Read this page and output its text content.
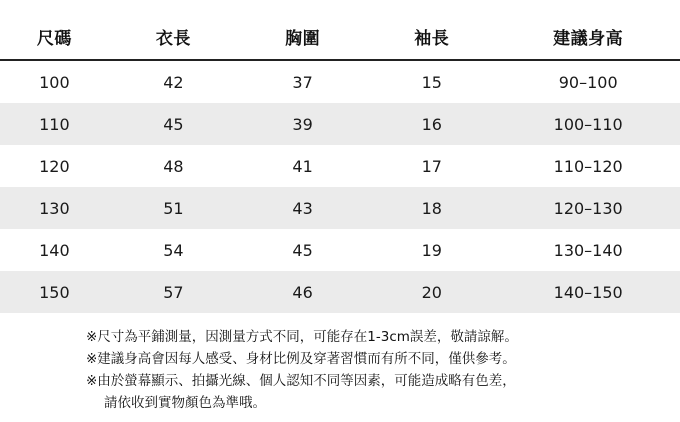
尺碼	衣長	胸圍	袖長	建議身高

100	42	37	15	90–100
110	45	39	16	100–110
120	48	41	17	110–120
130	51	43	18	120–130
140	54	45	19	130–140
150	57	46	20	140–150
※尺寸為平鋪測量，因測量方式不同，可能存在1-3cm誤差，敬請諒解。
※建議身高會因每人感受、身材比例及穿著習慣而有所不同，僅供參考。
※由於螢幕顯示、拍攝光線、個人認知不同等因素，可能造成略有色差，
請依收到實物顏色為準哦。
